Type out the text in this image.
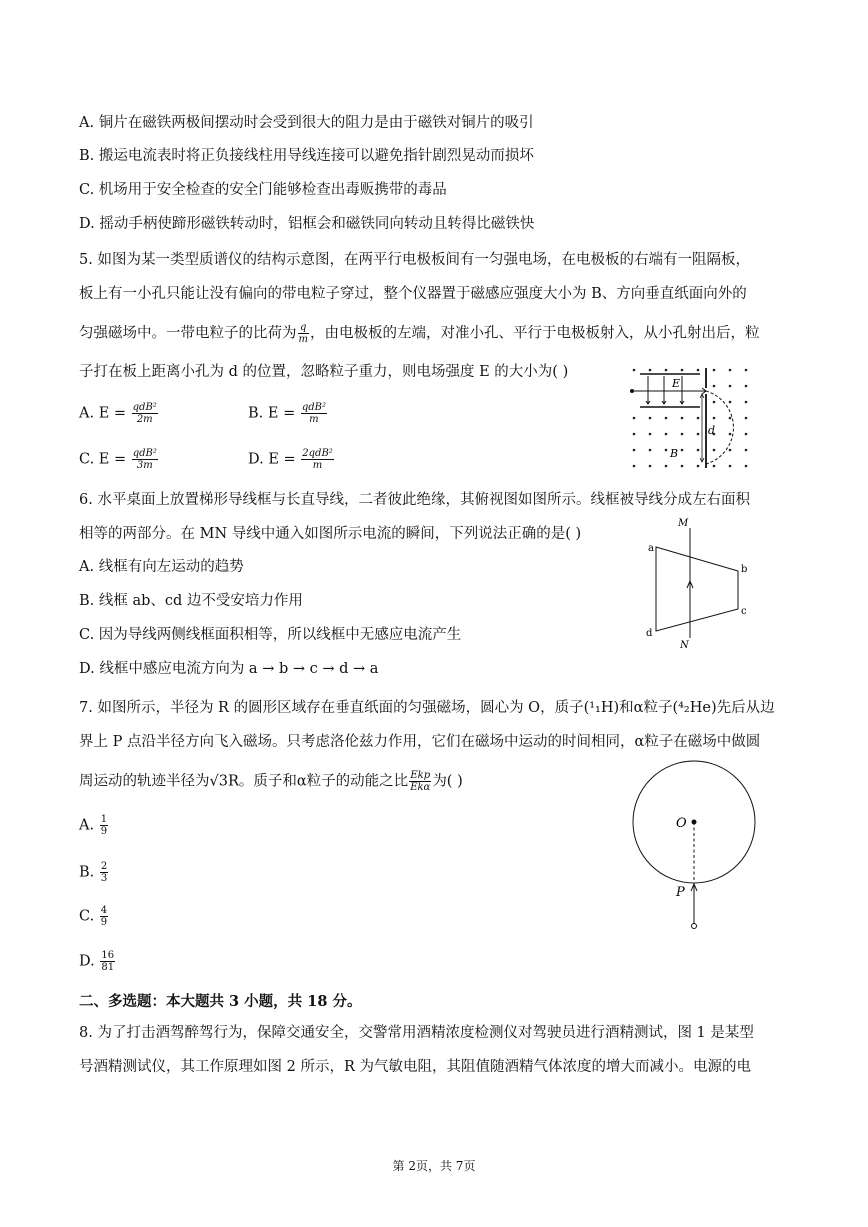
A. 铜片在磁铁两极间摆动时会受到很大的阻力是由于磁铁对铜片的吸引
B. 搬运电流表时将正负接线柱用导线连接可以避免指针剧烈晃动而损坏
C. 机场用于安全检查的安全门能够检查出毒贩携带的毒品
D. 摇动手柄使蹄形磁铁转动时，铝框会和磁铁同向转动且转得比磁铁快
5. 如图为某一类型质谱仪的结构示意图，在两平行电极板间有一匀强电场，在电极板的右端有一阻隔板，
板上有一小孔只能让没有偏向的带电粒子穿过，整个仪器置于磁感应强度大小为 B、方向垂直纸面向外的
匀强磁场中。一带电粒子的比荷为 $\frac{q}{m}$ ，由电极板的左端，对准小孔、平行于电极板射入，从小孔射出后，粒
子打在板上距离小孔为 d 的位置，忽略粒子重力，则电场强度 E 的大小为( )
A. $E = \frac{\text{qdB²}}{2m}$	B. $E = \frac{\text{qdB²}}{m}$
C. $E = \frac{\text{qdB²}}{3m}$	D. $E = \frac{\text{2qdB²}}{m}$
E
d
B
6. 水平桌面上放置梯形导线框与长直导线，二者彼此绝缘，其俯视图如图所示。线框被导线分成左右面积
相等的两部分。在 MN 导线中通入如图所示电流的瞬间，下列说法正确的是( )
A. 线框有向左运动的趋势
B. 线框 ab、cd 边不受安培力作用
C. 因为导线两侧线框面积相等，所以线框中无感应电流产生
D. 线框中感应电流方向为 a → b → c → d → a
M
N
a
b
c
d
7. 如图所示，半径为 R 的圆形区域存在垂直纸面的匀强磁场，圆心为 O，质子(¹₁H)和α粒子(⁴₂He)先后从边
界上 P 点沿半径方向飞入磁场。只考虑洛伦兹力作用，它们在磁场中运动的时间相同，α粒子在磁场中做圆
周运动的轨迹半径为√3R。质子和α粒子的动能之比 $\frac{\text{Ekp}}{\text{Ekα}}$ 为( )
A. $\frac{1}{9}$
B. $\frac{2}{3}$
C. $\frac{4}{9}$
D. $\frac{16}{81}$
O
P
二、多选题：本大题共 3 小题，共 18 分。
8. 为了打击酒驾醉驾行为，保障交通安全，交警常用酒精浓度检测仪对驾驶员进行酒精测试，图 1 是某型
号酒精测试仪，其工作原理如图 2 所示，R 为气敏电阻，其阻值随酒精气体浓度的增大而减小。电源的电
第 2页，共 7页
